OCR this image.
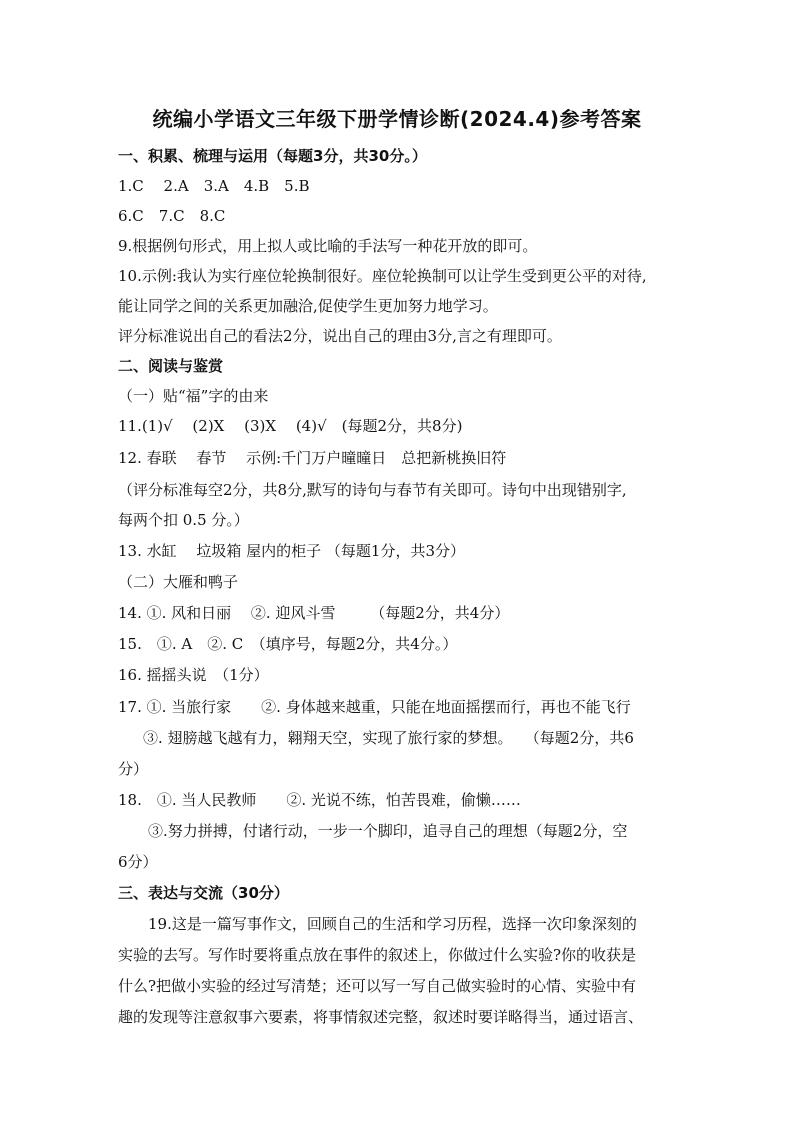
统编小学语文三年级下册学情诊断(2024.4)参考答案
一、积累、梳理与运用（每题3分，共30分。）
1.C　 2.A　3.A　4.B　5.B
6.C　7.C　8.C
9.根据例句形式，用上拟人或比喻的手法写一种花开放的即可。
10.示例:我认为实行座位轮换制很好。座位轮换制可以让学生受到更公平的对待,
能让同学之间的关系更加融洽,促使学生更加努力地学习。
评分标准说出自己的看法2分，说出自己的理由3分,言之有理即可。
二、阅读与鉴赏
（一）贴“福”字的由来
11.(1)√　 (2)X　 (3)X　 (4)√　(每题2分，共8分)
12. 春联　 春节　 示例:千门万户曈曈日　总把新桃换旧符
（评分标准每空2分，共8分,默写的诗句与春节有关即可。诗句中出现错别字,
每两个扣 0.5 分。）
13. 水缸　 垃圾箱 屋内的柜子 （每题1分，共3分）
（二）大雁和鸭子
14. ①. 风和日丽　 ②. 迎风斗雪　　 （每题2分，共4分）
15.　①. A　②. C　（填序号，每题2分，共4分。）
16. 摇摇头说　（1分）
17. ①. 当旅行家　　②. 身体越来越重，只能在地面摇摆而行，再也不能飞行
③. 翅膀越飞越有力，翱翔天空，实现了旅行家的梦想。　 （每题2分，共6
分）
18.　①. 当人民教师　　②. 光说不练，怕苦畏难，偷懒……
③.努力拼搏，付诸行动，一步一个脚印，追寻自己的理想（每题2分，空
6分）
三、表达与交流（30分）
19.这是一篇写事作文，回顾自己的生活和学习历程，选择一次印象深刻的
实验的去写。写作时要将重点放在事件的叙述上，你做过什么实验?你的收获是
什么?把做小实验的经过写清楚；还可以写一写自己做实验时的心情、实验中有
趣的发现等注意叙事六要素，将事情叙述完整，叙述时要详略得当，通过语言、
